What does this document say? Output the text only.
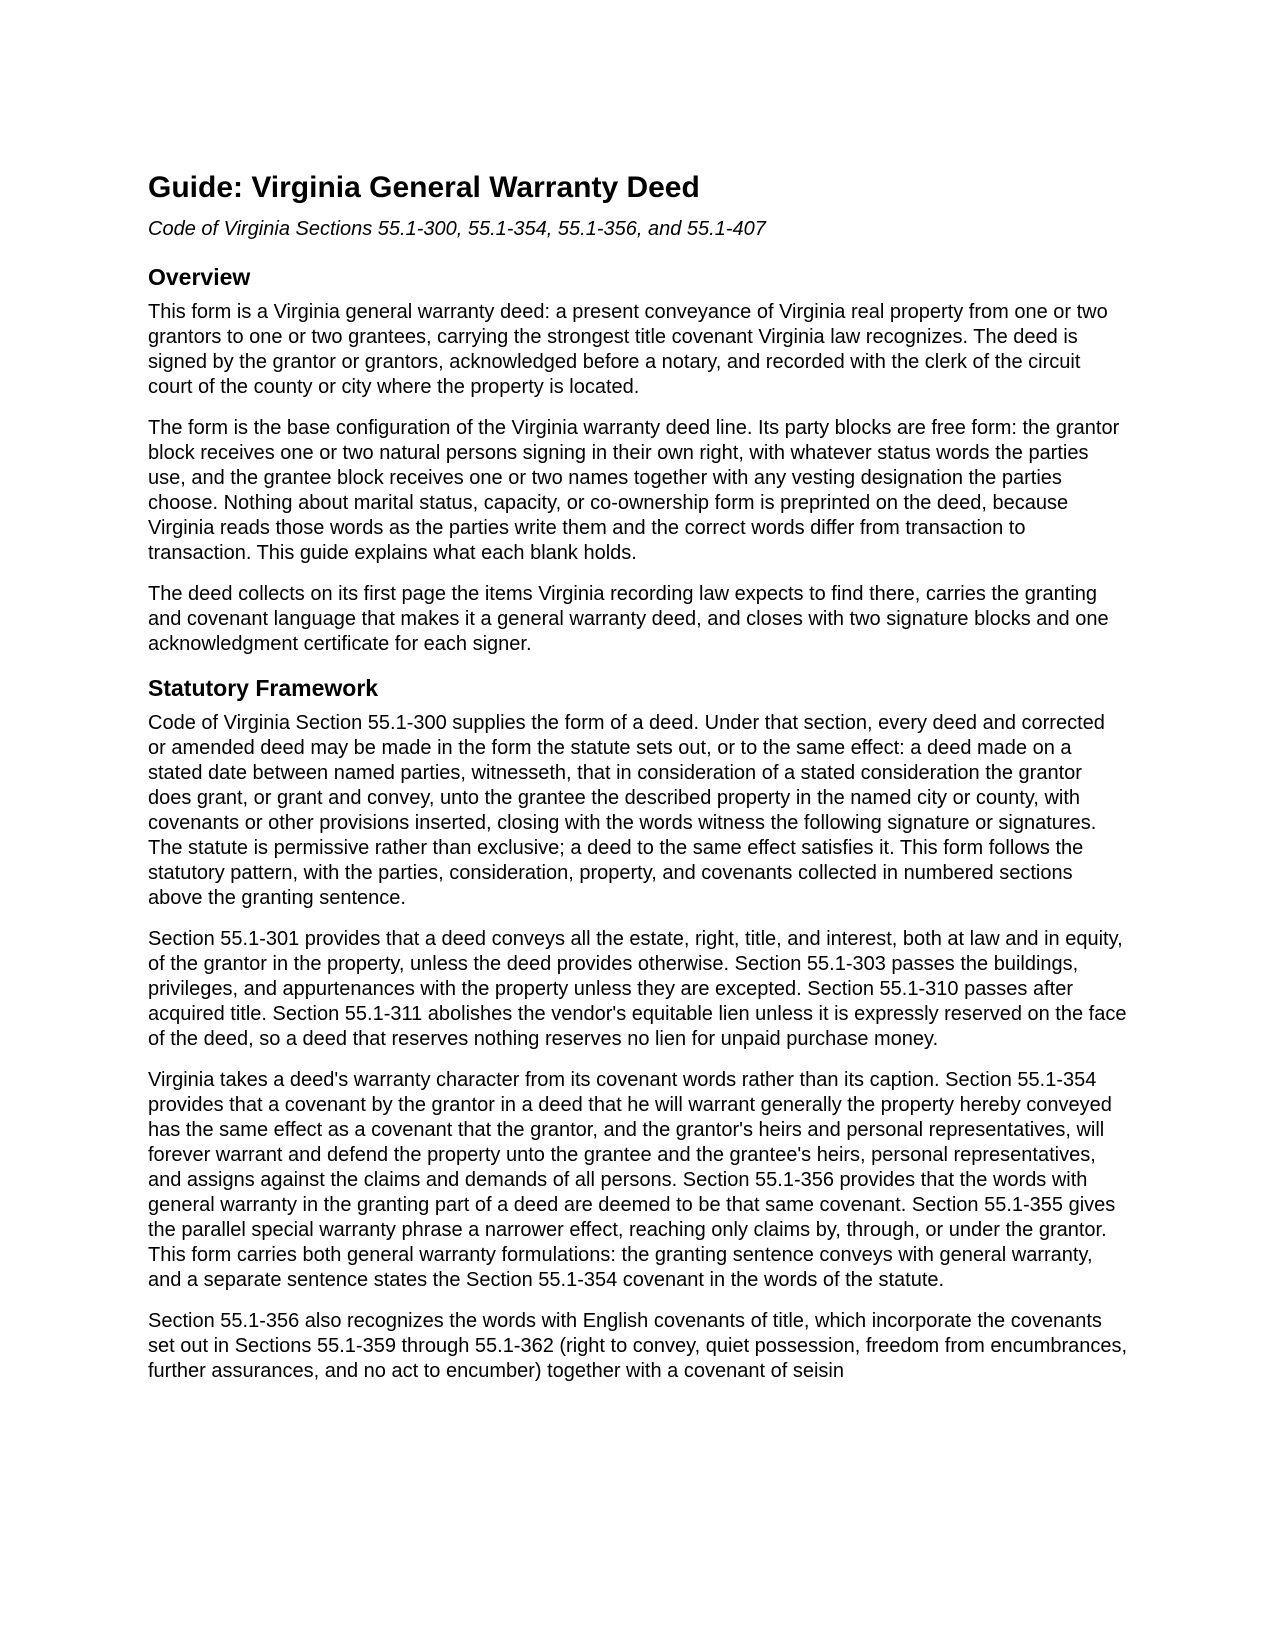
Guide: Virginia General Warranty Deed
Code of Virginia Sections 55.1-300, 55.1-354, 55.1-356, and 55.1-407
Overview

This form is a Virginia general warranty deed: a present conveyance of Virginia real property from one or two grantors to one or two grantees, carrying the strongest title covenant Virginia law recognizes. The deed is signed by the grantor or grantors, acknowledged before a notary, and recorded with the clerk of the circuit court of the county or city where the property is located.

The form is the base configuration of the Virginia warranty deed line. Its party blocks are free form: the grantor block receives one or two natural persons signing in their own right, with whatever status words the parties use, and the grantee block receives one or two names together with any vesting designation the parties choose. Nothing about marital status, capacity, or co-ownership form is preprinted on the deed, because Virginia reads those words as the parties write them and the correct words differ from transaction to transaction. This guide explains what each blank holds.

The deed collects on its first page the items Virginia recording law expects to find there, carries the granting and covenant language that makes it a general warranty deed, and closes with two signature blocks and one acknowledgment certificate for each signer.

Statutory Framework

Code of Virginia Section 55.1-300 supplies the form of a deed. Under that section, every deed and corrected or amended deed may be made in the form the statute sets out, or to the same effect: a deed made on a stated date between named parties, witnesseth, that in consideration of a stated consideration the grantor does grant, or grant and convey, unto the grantee the described property in the named city or county, with covenants or other provisions inserted, closing with the words witness the following signature or signatures. The statute is permissive rather than exclusive; a deed to the same effect satisfies it. This form follows the statutory pattern, with the parties, consideration, property, and covenants collected in numbered sections above the granting sentence.

Section 55.1-301 provides that a deed conveys all the estate, right, title, and interest, both at law and in equity, of the grantor in the property, unless the deed provides otherwise. Section 55.1-303 passes the buildings, privileges, and appurtenances with the property unless they are excepted. Section 55.1-310 passes after acquired title. Section 55.1-311 abolishes the vendor's equitable lien unless it is expressly reserved on the face of the deed, so a deed that reserves nothing reserves no lien for unpaid purchase money.

Virginia takes a deed's warranty character from its covenant words rather than its caption. Section 55.1-354 provides that a covenant by the grantor in a deed that he will warrant generally the property hereby conveyed has the same effect as a covenant that the grantor, and the grantor's heirs and personal representatives, will forever warrant and defend the property unto the grantee and the grantee's heirs, personal representatives, and assigns against the claims and demands of all persons. Section 55.1-356 provides that the words with general warranty in the granting part of a deed are deemed to be that same covenant. Section 55.1-355 gives the parallel special warranty phrase a narrower effect, reaching only claims by, through, or under the grantor. This form carries both general warranty formulations: the granting sentence conveys with general warranty, and a separate sentence states the Section 55.1-354 covenant in the words of the statute.

Section 55.1-356 also recognizes the words with English covenants of title, which incorporate the covenants set out in Sections 55.1-359 through 55.1-362 (right to convey, quiet possession, freedom from encumbrances, further assurances, and no act to encumber) together with a covenant of seisin
